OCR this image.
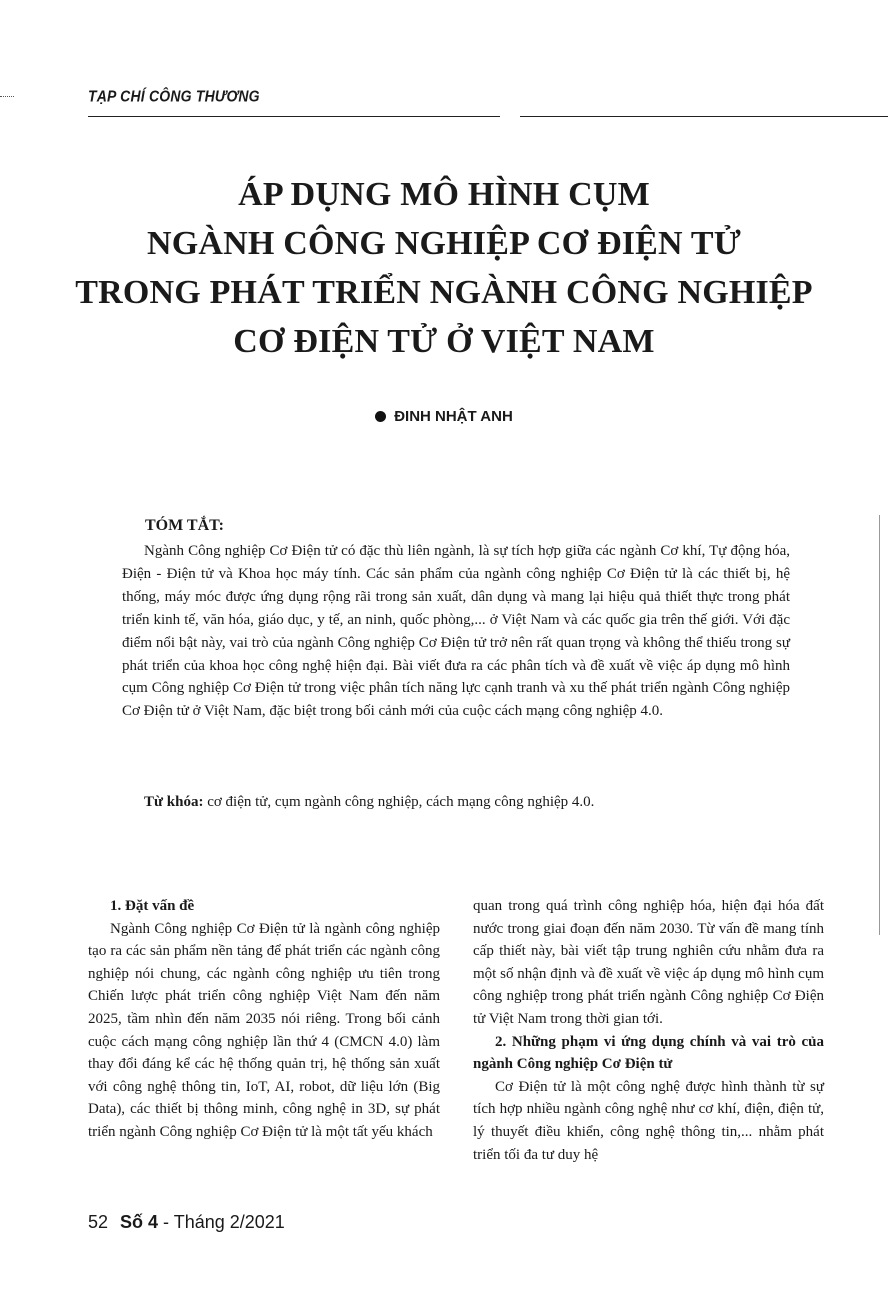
TẠP CHÍ CÔNG THƯƠNG
ÁP DỤNG MÔ HÌNH CỤM
NGÀNH CÔNG NGHIỆP CƠ ĐIỆN TỬ
TRONG PHÁT TRIỂN NGÀNH CÔNG NGHIỆP
CƠ ĐIỆN TỬ Ở VIỆT NAM
ĐINH NHẬT ANH
TÓM TẮT:
Ngành Công nghiệp Cơ Điện tử có đặc thù liên ngành, là sự tích hợp giữa các ngành Cơ khí, Tự động hóa, Điện - Điện tử và Khoa học máy tính. Các sản phẩm của ngành công nghiệp Cơ Điện tử là các thiết bị, hệ thống, máy móc được ứng dụng rộng rãi trong sản xuất, dân dụng và mang lại hiệu quả thiết thực trong phát triển kinh tế, văn hóa, giáo dục, y tế, an ninh, quốc phòng,... ở Việt Nam và các quốc gia trên thế giới. Với đặc điểm nổi bật này, vai trò của ngành Công nghiệp Cơ Điện tử trở nên rất quan trọng và không thể thiếu trong sự phát triển của khoa học công nghệ hiện đại. Bài viết đưa ra các phân tích và đề xuất về việc áp dụng mô hình cụm Công nghiệp Cơ Điện tử trong việc phân tích năng lực cạnh tranh và xu thế phát triển ngành Công nghiệp Cơ Điện tử ở Việt Nam, đặc biệt trong bối cảnh mới của cuộc cách mạng công nghiệp 4.0.
Từ khóa: cơ điện tử, cụm ngành công nghiệp, cách mạng công nghiệp 4.0.
1. Đặt vấn đề

Ngành Công nghiệp Cơ Điện tử là ngành công nghiệp tạo ra các sản phẩm nền tảng để phát triển các ngành công nghiệp nói chung, các ngành công nghiệp ưu tiên trong Chiến lược phát triển công nghiệp Việt Nam đến năm 2025, tầm nhìn đến năm 2035 nói riêng. Trong bối cảnh cuộc cách mạng công nghiệp lần thứ 4 (CMCN 4.0) làm thay đổi đáng kể các hệ thống quản trị, hệ thống sản xuất với công nghệ thông tin, IoT, AI, robot, dữ liệu lớn (Big Data), các thiết bị thông minh, công nghệ in 3D, sự phát triển ngành Công nghiệp Cơ Điện tử là một tất yếu khách

quan trong quá trình công nghiệp hóa, hiện đại hóa đất nước trong giai đoạn đến năm 2030. Từ vấn đề mang tính cấp thiết này, bài viết tập trung nghiên cứu nhằm đưa ra một số nhận định và đề xuất về việc áp dụng mô hình cụm công nghiệp trong phát triển ngành Công nghiệp Cơ Điện tử Việt Nam trong thời gian tới.

2. Những phạm vi ứng dụng chính và vai trò của ngành Công nghiệp Cơ Điện tử

Cơ Điện tử là một công nghệ được hình thành từ sự tích hợp nhiều ngành công nghệ như cơ khí, điện, điện tử, lý thuyết điều khiển, công nghệ thông tin,... nhằm phát triển tối đa tư duy hệ

52 Số 4 - Tháng 2/2021
